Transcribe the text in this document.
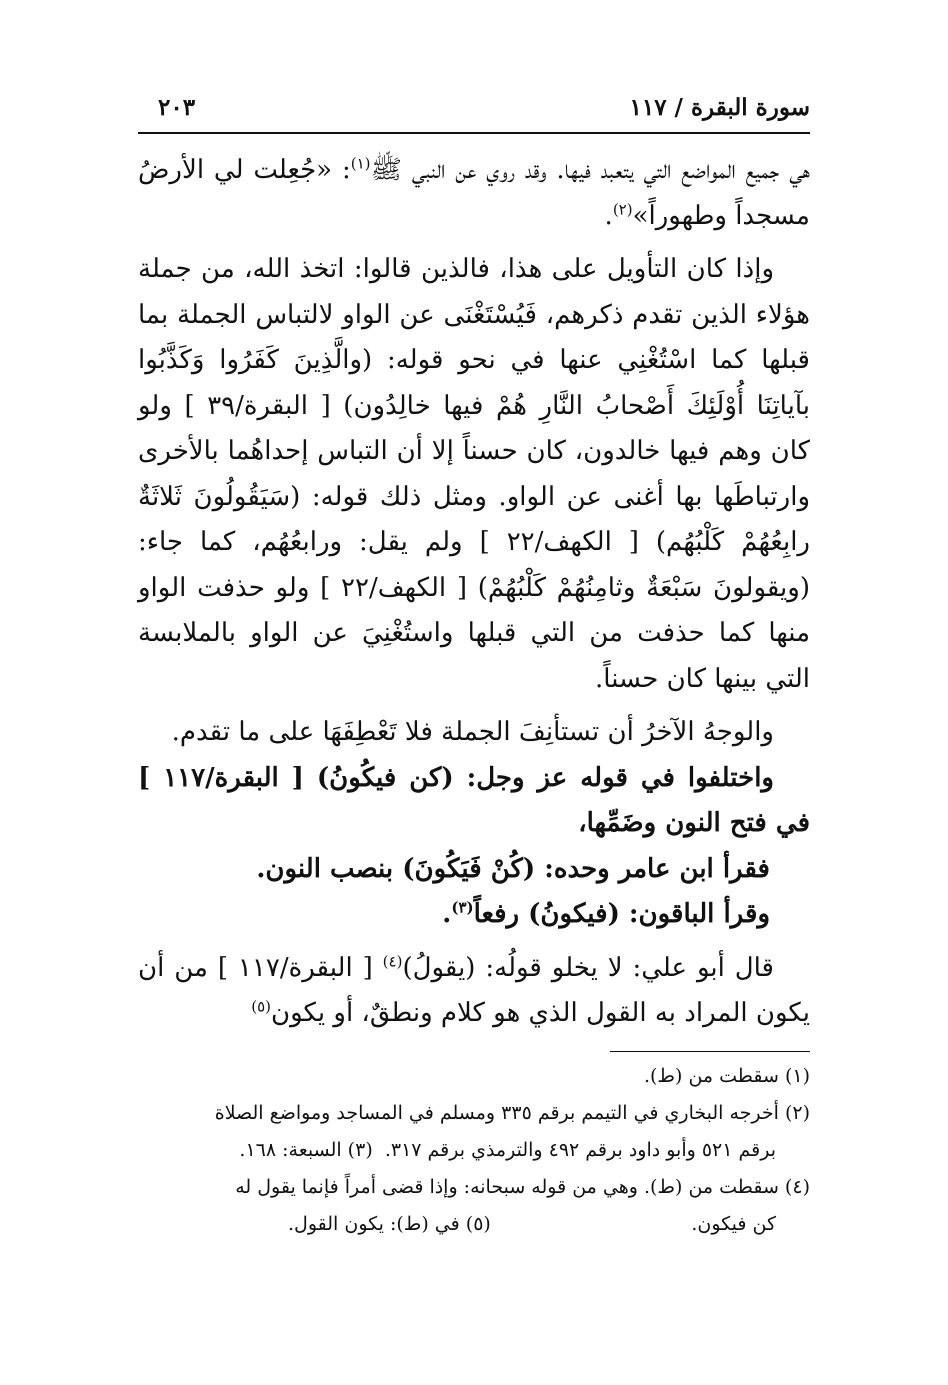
سورة البقرة / ١١٧
٢٠٣

هي جميع المواضع التي يتعبد فيها. وقد روي عن النبي ﷺ$^{(١)}$: «جُعِلت لي الأرضُ مسجداً وطهوراً»$^{(٢)}$.

وإذا كان التأويل على هذا، فالذين قالوا: اتخذ الله، من جملة هؤلاء الذين تقدم ذكرهم، فَيُسْتَغْنَى عن الواو لالتباس الجملة بما قبلها كما اسْتُغْنِي عنها في نحو قوله: (والَّذِينَ كَفَرُوا وَكَذَّبُوا بآياتِنَا أُوْلَئِكَ أَصْحابُ النَّارِ هُمْ فيها خالِدُون) [ البقرة/٣٩ ] ولو كان وهم فيها خالدون، كان حسناً إلا أن التباس إحداهُما بالأخرى وارتباطَها بها أغنى عن الواو. ومثل ذلك قوله: (سَيَقُولُونَ ثَلاثَةٌ رابِعُهُمْ كَلْبُهُم) [ الكهف/٢٢ ] ولم يقل: ورابعُهُم، كما جاء: (ويقولونَ سَبْعَةٌ وثامِنُهُمْ كَلْبُهُمْ) [ الكهف/٢٢ ] ولو حذفت الواو منها كما حذفت من التي قبلها واستُغْنِيَ عن الواو بالملابسة التي بينها كان حسناً.

والوجهُ الآخرُ أن تستأنِفَ الجملة فلا تَعْطِفَهَا على ما تقدم.

واختلفوا في قوله عز وجل: (كن فيكُونُ) [ البقرة/١١٧ ] في فتح النون وضَمِّها،

فقرأ ابن عامر وحده: (كُنْ فَيَكُونَ) بنصب النون.

وقرأ الباقون: (فيكونُ) رفعاً$^{(٣)}$.

قال أبو علي: لا يخلو قولُه: (يقولُ)$^{(٤)}$ [ البقرة/١١٧ ] من أن يكون المراد به القول الذي هو كلام ونطقٌ، أو يكون$^{(٥)}$

(١) سقطت من (ط).

(٢) أخرجه البخاري في التيمم برقم ٣٣٥ ومسلم في المساجد ومواضع الصلاة

برقم ٥٢١ وأبو داود برقم ٤٩٢ والترمذي برقم ٣١٧.  (٣) السبعة: ١٦٨.

(٤) سقطت من (ط). وهي من قوله سبحانه: وإذا قضى أمراً فإنما يقول له

كن فيكون.
(٥) في (ط): يكون القول.
